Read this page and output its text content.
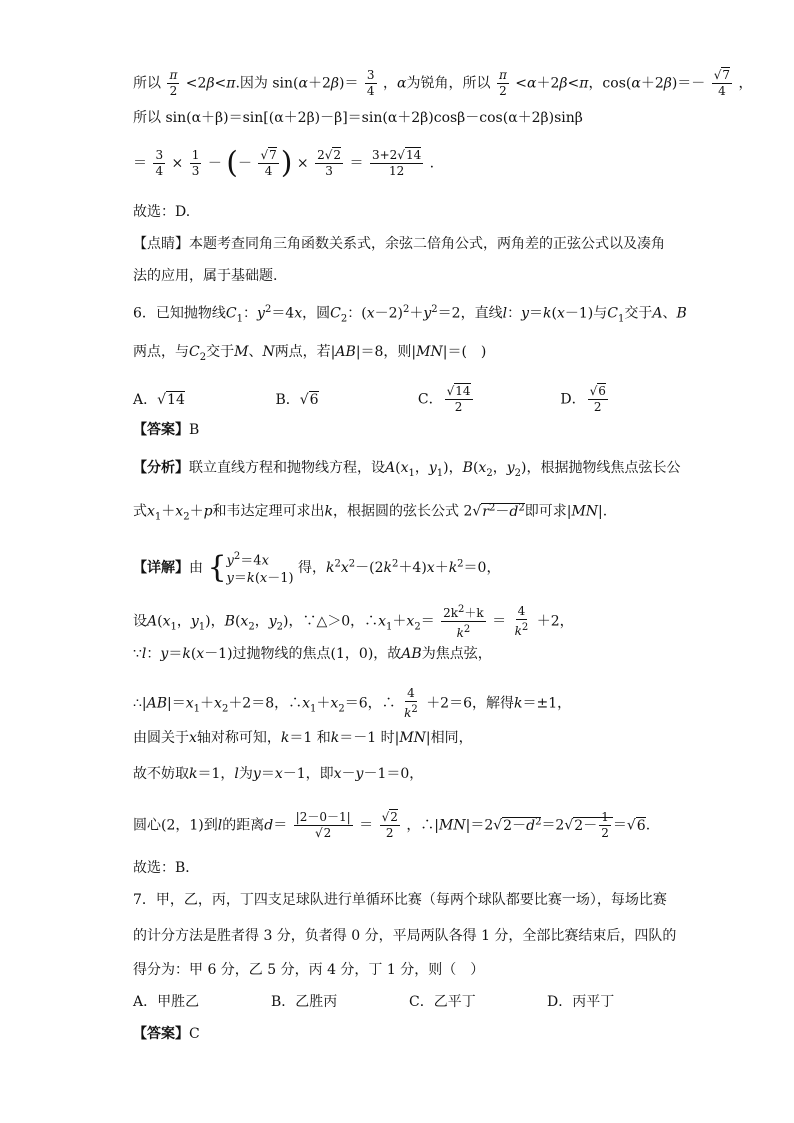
所以 $\frac{\pi}{2} <2\beta<\pi$.因为 $\sin(\alpha+2\beta)= \frac{3}{4}$ ，α为锐角，所以 $\frac{\pi}{2} <\alpha+2\beta<\pi$，$\cos(\alpha+2\beta)=- \frac{√7}{4}$ ，
所以 sin(α＋β)＝sin[(α＋2β)－β]＝sin(α＋2β)cosβ－cos(α＋2β)sinβ
＝ $\frac{3}{4} \times \frac{1}{3}$ － (－ $\frac{√7}{4}$ ) × $\frac{2√2}{3} = \frac{3+2√14}{12}$ .
故选：D.
【点睛】本题考查同角三角函数关系式，余弦二倍角公式，两角差的正弦公式以及凑角
法的应用，属于基础题.
6．已知抛物线$C_1$：$y^2=4x$，圆$C_2$：$(x-2)^2+y^2=2$，直线l：y＝k(x－1)与$C_1$交于A、B
两点，与$C_2$交于M、N两点，若|AB|＝8，则|MN|＝(　)
A．√14	B．√6	C． $\frac{√14}{2}$	D． $\frac{√6}{2}$
【答案】B
【分析】联立直线方程和抛物线方程，设$A(x_1$，$y_1$)，$B(x_2$，$y_2$)，根据抛物线焦点弦长公
式$x_1+x_2+p$和韦达定理可求出k，根据圆的弦长公式 $2√r^2-d^2$即可求|MN|.
【详解】由 { $y^2=4x$
y＝k(x－1)
得，$k^2x^2-(2k^2+4)x+k^2=0$，
设$A(x_1$，$y_1$)，$B(x_2$，$y_2$)，∵△＞0，$\therefore x_1+x_2= \frac{2k^2+k}{k^2} = \frac{4}{k^2} +2$，
∵l：y＝k(x－1)过抛物线的焦点(1，0)，故AB为焦点弦，
$\therefore|AB|=x_1+x_2+2=8$，$\therefore x_1+x_2=6$，∴ $\frac{4}{k^2} +2=6$，解得k＝±1，
由圆关于x轴对称可知，k＝1 和k＝－1 时|MN|相同，
故不妨取k＝1，l为y＝x－1，即x－y－1＝0，
圆心(2，1)到l的距离$d= \frac{|2-0-1|}{√2} = \frac{√2}{2}$ ，$\therefore|MN|=2√2-d^2=2√2- \frac{1}{2} =√6$.
故选：B．
7．甲，乙，丙，丁四支足球队进行单循环比赛（每两个球队都要比赛一场），每场比赛
的计分方法是胜者得 3 分，负者得 0 分，平局两队各得 1 分，全部比赛结束后，四队的
得分为：甲 6 分，乙 5 分，丙 4 分，丁 1 分，则（　）
A．甲胜乙	B．乙胜丙	C．乙平丁	D．丙平丁
【答案】C
